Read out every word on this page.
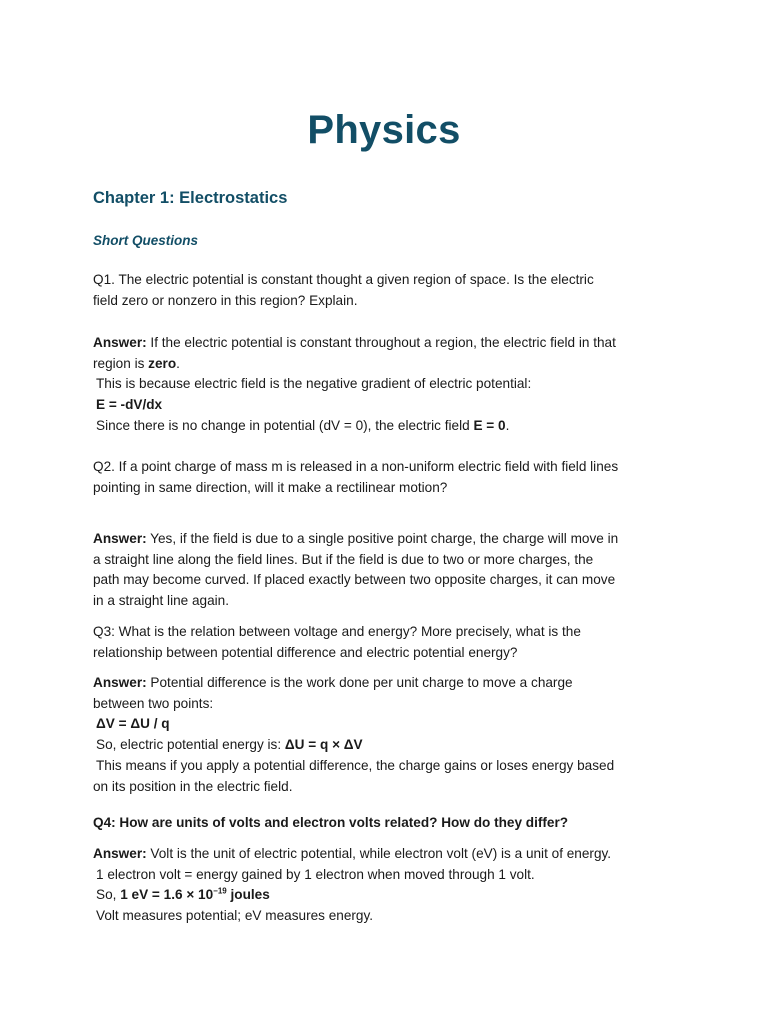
Physics
Chapter 1: Electrostatics
Short Questions
Q1. The electric potential is constant thought a given region of space. Is the electric
field zero or nonzero in this region? Explain.
Answer: If the electric potential is constant throughout a region, the electric field in that
region is zero.
This is because electric field is the negative gradient of electric potential:
E = -dV/dx
Since there is no change in potential (dV = 0), the electric field E = 0.
Q2. If a point charge of mass m is released in a non-uniform electric field with field lines
pointing in same direction, will it make a rectilinear motion?
Answer: Yes, if the field is due to a single positive point charge, the charge will move in
a straight line along the field lines. But if the field is due to two or more charges, the
path may become curved. If placed exactly between two opposite charges, it can move
in a straight line again.
Q3: What is the relation between voltage and energy? More precisely, what is the
relationship between potential difference and electric potential energy?
Answer: Potential difference is the work done per unit charge to move a charge
between two points:
ΔV = ΔU / q
So, electric potential energy is: ΔU = q × ΔV
This means if you apply a potential difference, the charge gains or loses energy based
on its position in the electric field.
Q4: How are units of volts and electron volts related? How do they differ?
Answer: Volt is the unit of electric potential, while electron volt (eV) is a unit of energy.
1 electron volt = energy gained by 1 electron when moved through 1 volt.
So, 1 eV = $1.6 \times 10^{-19}$ joules
Volt measures potential; eV measures energy.
